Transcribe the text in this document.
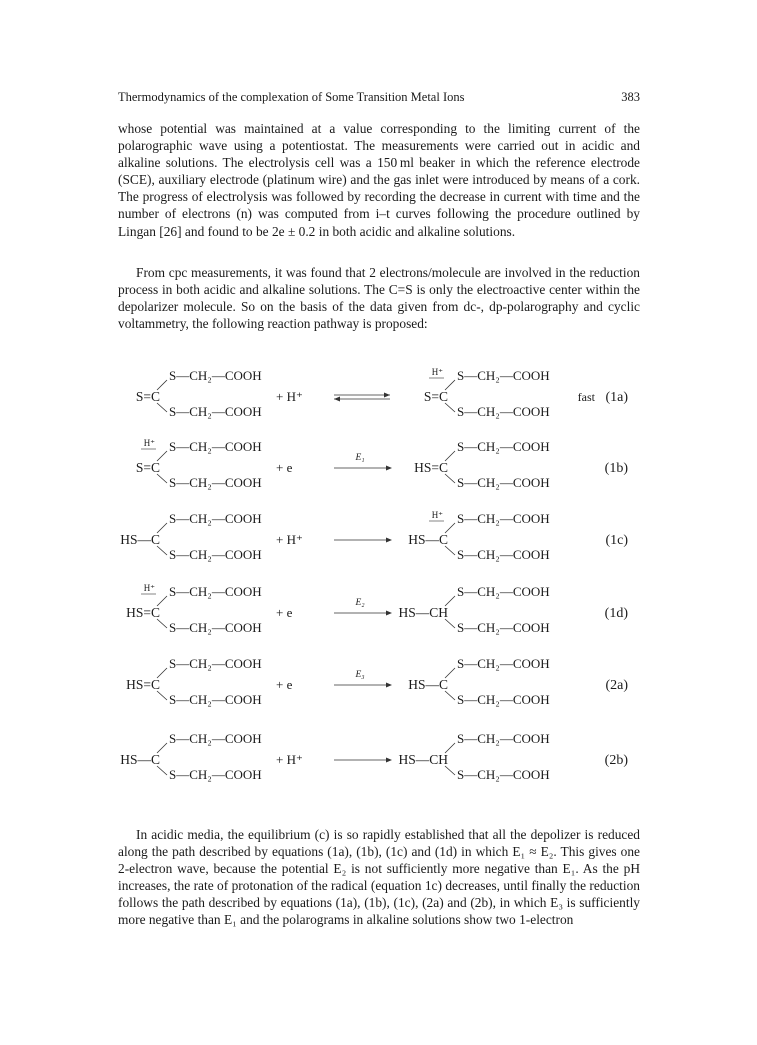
Thermodynamics of the complexation of Some Transition Metal Ions	383

whose potential was maintained at a value corresponding to the limiting current of the polarographic wave using a potentiostat. The measurements were carried out in acidic and alkaline solutions. The electrolysis cell was a 150 ml beaker in which the reference electrode (SCE), auxiliary electrode (platinum wire) and the gas inlet were introduced by means of a cork. The progress of electrolysis was followed by recording the decrease in current with time and the number of electrons (n) was computed from i–t curves following the procedure outlined by Lingan [26] and found to be 2e ± 0.2 in both acidic and alkaline solutions.

From cpc measurements, it was found that 2 electrons/molecule are involved in the reduction process in both acidic and alkaline solutions. The C=S is only the electroactive center within the depolarizer molecule. So on the basis of the data given from dc-, dp-polarography and cyclic voltammetry, the following reaction pathway is proposed:

S=C
S—CH₂—COOH
S—CH₂—COOH
S=C
S—CH₂—COOH
S—CH₂—COOH
H⁺
+ H⁺	fast (1a)
S=C
S—CH₂—COOH
S—CH₂—COOH
H⁺
HS=C
S—CH₂—COOH
S—CH₂—COOH
+ e
E₁
(1b)
HS—C
S—CH₂—COOH
S—CH₂—COOH
HS—C
S—CH₂—COOH
S—CH₂—COOH
H⁺
+ H⁺	(1c)
HS=C
S—CH₂—COOH
S—CH₂—COOH
H⁺
HS—CH
S—CH₂—COOH
S—CH₂—COOH
+ e
E₂
(1d)
HS=C
S—CH₂—COOH
S—CH₂—COOH
HS—C
S—CH₂—COOH
S—CH₂—COOH
+ e
E₃
(2a)
HS—C
S—CH₂—COOH
S—CH₂—COOH
HS—CH
S—CH₂—COOH
S—CH₂—COOH
+ H⁺	(2b)

In acidic media, the equilibrium (c) is so rapidly established that all the depolizer is reduced along the path described by equations (1a), (1b), (1c) and (1d) in which E₁ ≈ E₂. This gives one 2-electron wave, because the potential E₂ is not sufficiently more negative than E₁. As the pH increases, the rate of protonation of the radical (equation 1c) decreases, until finally the reduction follows the path described by equations (1a), (1b), (1c), (2a) and (2b), in which E₃ is sufficiently more negative than E₁ and the polarograms in alkaline solutions show two 1-electron
